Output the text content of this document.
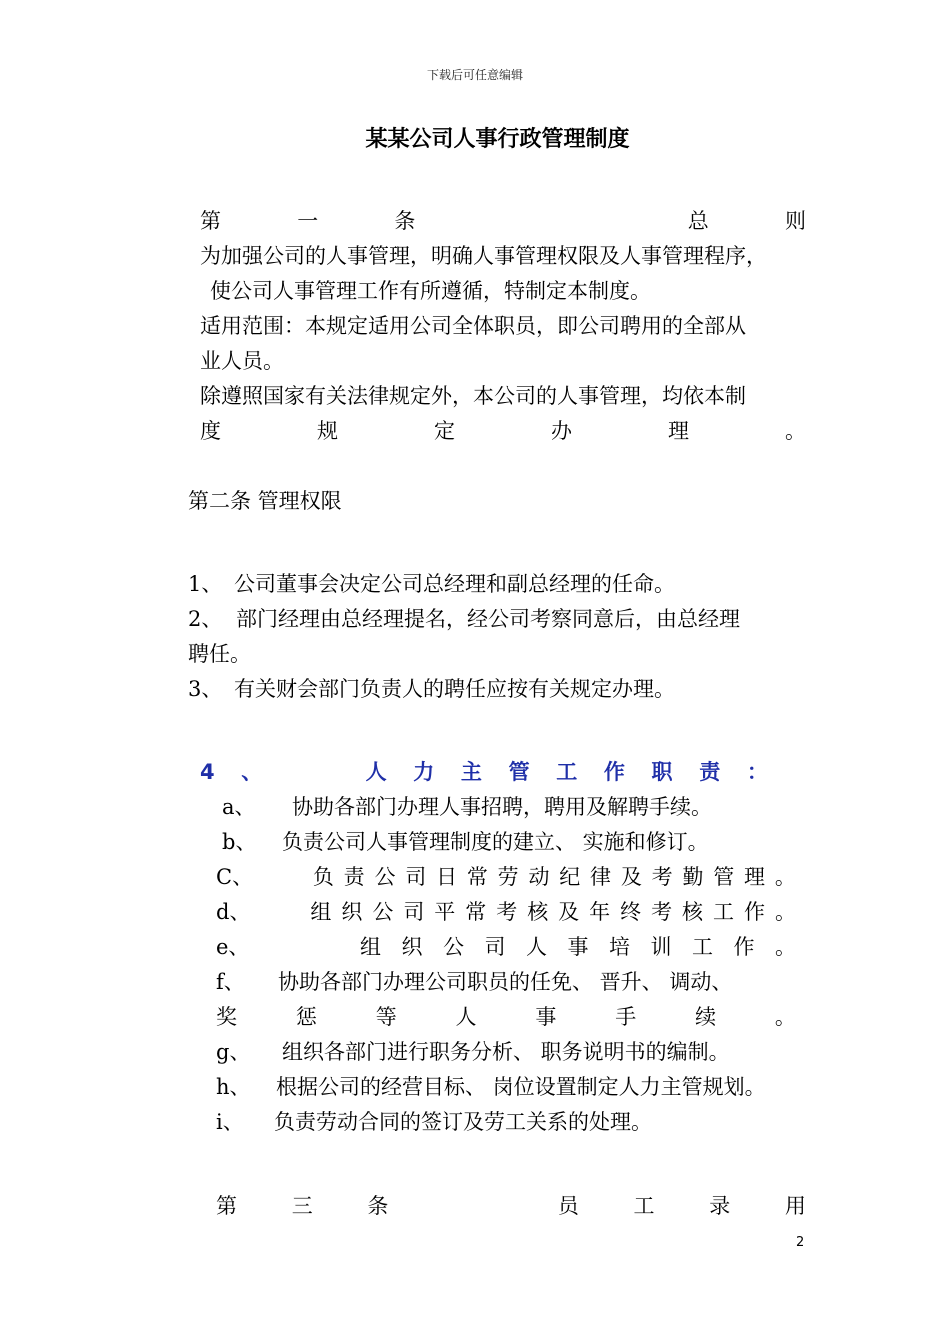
下载后可任意编辑
某某公司人事行政管理制度
第	一	条	总	则
为加强公司的人事管理，明确人事管理权限及人事管理程序，
使公司人事管理工作有所遵循，特制定本制度。
适用范围：本规定适用公司全体职员，即公司聘用的全部从
业人员。
除遵照国家有关法律规定外，本公司的人事管理，均依本制
度	规	定	办	理	。
第二条 管理权限
1、 公司董事会决定公司总经理和副总经理的任命。
2、 部门经理由总经理提名，经公司考察同意后，由总经理
聘任。
3、 有关财会部门负责人的聘任应按有关规定办理。
4 、	人 力 主 管 工 作 职 责 ：
a、 协助各部门办理人事招聘，聘用及解聘手续。
b、 负责公司人事管理制度的建立、 实施和修订。
C、	负 责 公 司 日 常 劳 动 纪 律 及 考 勤 管 理 。
d、	组 织 公 司 平 常 考 核 及 年 终 考 核 工 作 。
e、	组 织 公 司 人 事 培 训 工 作 。
f、 协助各部门办理公司职员的任免、 晋升、 调动、
奖	惩	等	人	事	手	续	。
g、 组织各部门进行职务分析、 职务说明书的编制。
h、 根据公司的经营目标、 岗位设置制定人力主管规划。
i、 负责劳动合同的签订及劳工关系的处理。
第	三	条	员	工	录	用
2
